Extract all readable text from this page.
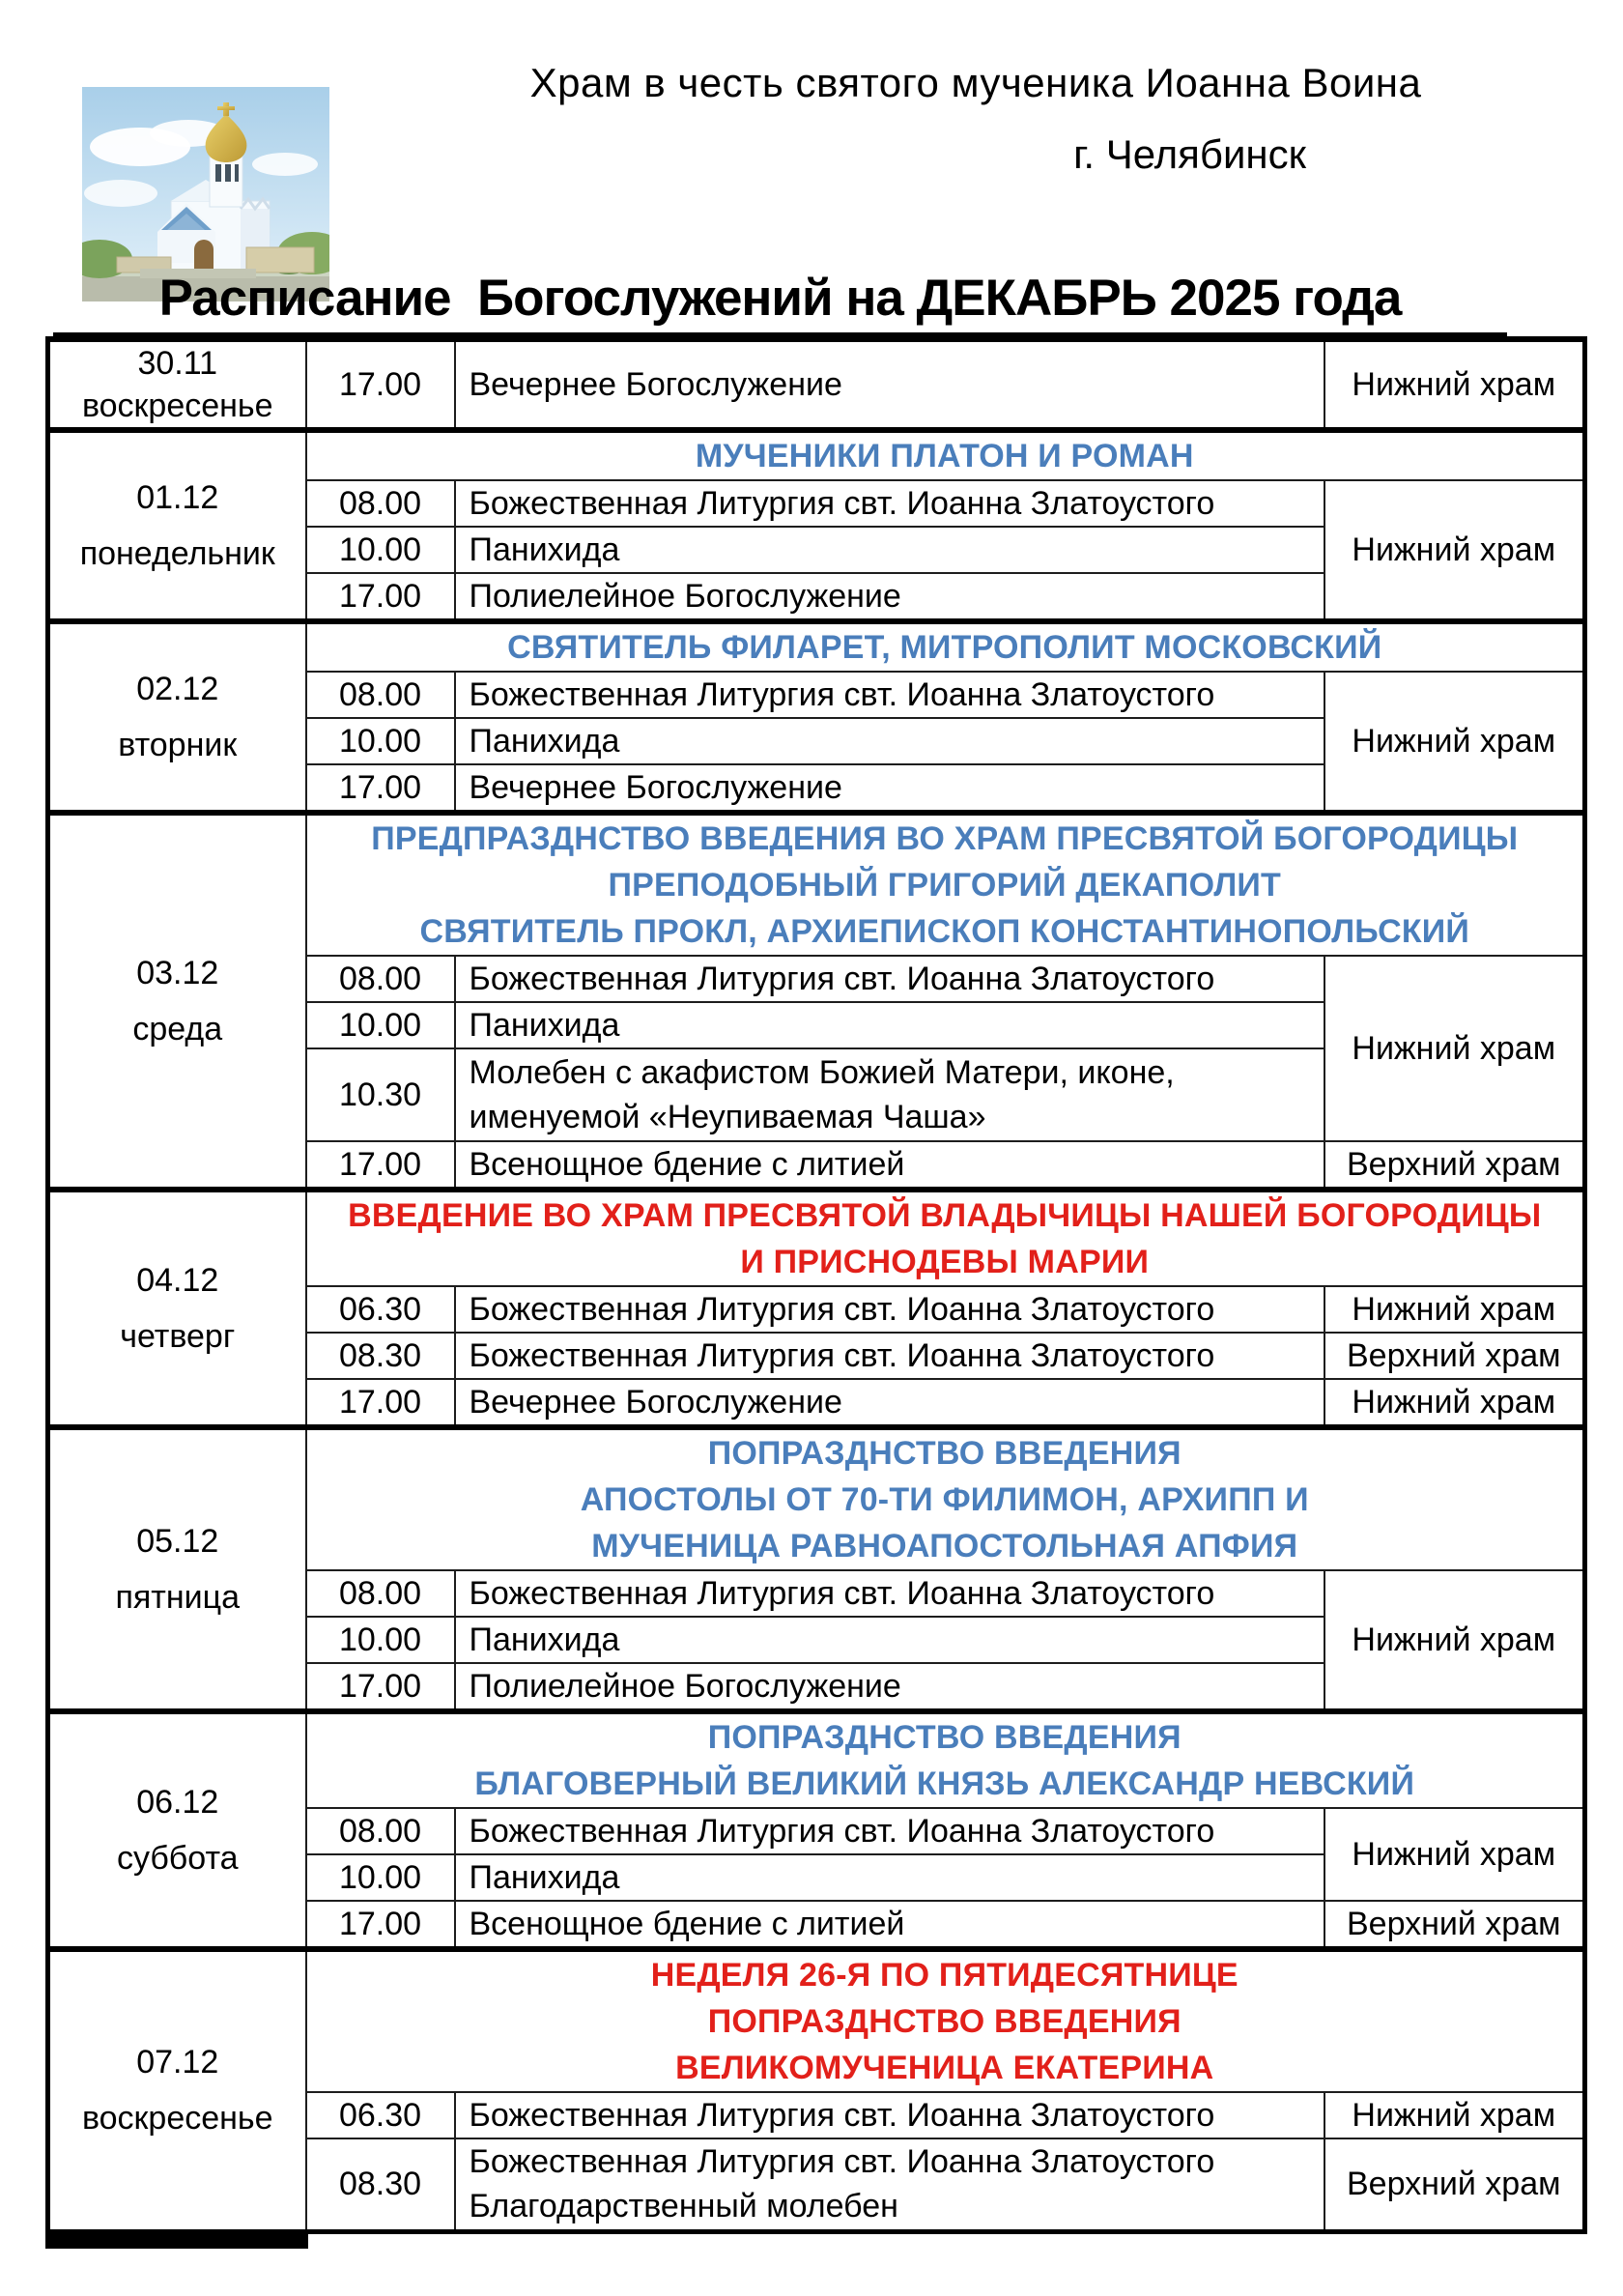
Храм в честь святого мученика Иоанна Воина
г. Челябинск
Расписание  Богослужений на ДЕКАБРЬ 2025 года
30.11
воскресенье	17.00	Вечернее Богослужение	Нижний храм

01.12
понедельник	МУЧЕНИКИ ПЛАТОН И РОМАН		

	08.00	Божественная Литургия свт. Иоанна Златоустого	Нижний храм
	10.00	Панихида	

	17.00	Полиелейное Богослужение	

02.12
вторник	СВЯТИТЕЛЬ ФИЛАРЕТ, МИТРОПОЛИТ МОСКОВСКИЙ		

	08.00	Божественная Литургия свт. Иоанна Златоустого	Нижний храм
	10.00	Панихида	

	17.00	Вечернее Богослужение	

03.12
среда

ПРЕДПРАЗДНСТВО ВВЕДЕНИЯ ВО ХРАМ ПРЕСВЯТОЙ БОГОРОДИЦЫ
ПРЕПОДОБНЫЙ ГРИГОРИЙ ДЕКАПОЛИТ
СВЯТИТЕЛЬ ПРОКЛ, АРХИЕПИСКОП КОНСТАНТИНОПОЛЬСКИЙ

	08.00	Божественная Литургия свт. Иоанна Златоустого	Нижний храм
	10.00	Панихида	

	10.30	Молебен с акафистом Божией Матери, иконе,
именуемой «Неупиваемая Чаша»	

	17.00	Всенощное бдение с литией	Верхний храм

04.12
четверг

ВВЕДЕНИЕ ВО ХРАМ ПРЕСВЯТОЙ ВЛАДЫЧИЦЫ НАШЕЙ БОГОРОДИЦЫ
И ПРИСНОДЕВЫ МАРИИ

	06.30	Божественная Литургия свт. Иоанна Златоустого	Нижний храм
	08.30	Божественная Литургия свт. Иоанна Златоустого	Верхний храм
	17.00	Вечернее Богослужение	Нижний храм

05.12
пятница

ПОПРАЗДНСТВО ВВЕДЕНИЯ
АПОСТОЛЫ ОТ 70-ТИ ФИЛИМОН, АРХИПП И
МУЧЕНИЦА РАВНОАПОСТОЛЬНАЯ АПФИЯ

	08.00	Божественная Литургия свт. Иоанна Златоустого	Нижний храм
	10.00	Панихида	

	17.00	Полиелейное Богослужение	

06.12
суббота

ПОПРАЗДНСТВО ВВЕДЕНИЯ
БЛАГОВЕРНЫЙ ВЕЛИКИЙ КНЯЗЬ АЛЕКСАНДР НЕВСКИЙ

	08.00	Божественная Литургия свт. Иоанна Златоустого	Нижний храм
	10.00	Панихида	

	17.00	Всенощное бдение с литией	Верхний храм

07.12
воскресенье

НЕДЕЛЯ 26-Я ПО ПЯТИДЕСЯТНИЦЕ
ПОПРАЗДНСТВО ВВЕДЕНИЯ
ВЕЛИКОМУЧЕНИЦА ЕКАТЕРИНА

	06.30	Божественная Литургия свт. Иоанна Златоустого	Нижний храм
	08.30	Божественная Литургия свт. Иоанна Златоустого
Благодарственный молебен	Верхний храм
